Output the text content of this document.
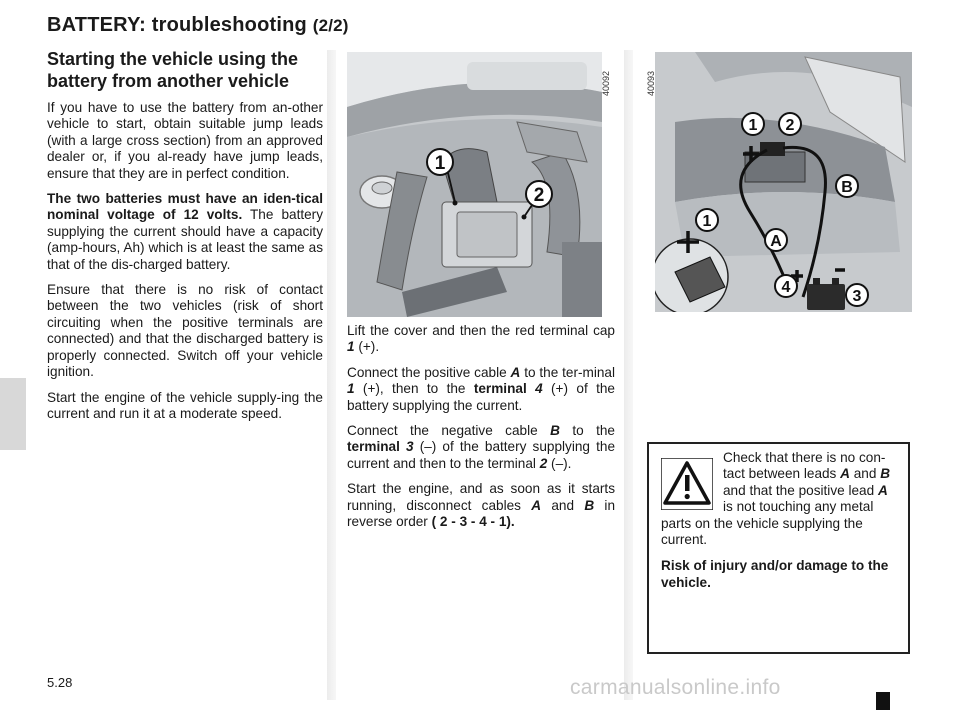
BATTERY: troubleshooting (2/2)
Starting the vehicle using the battery from another vehicle

If you have to use the battery from an-other vehicle to start, obtain suitable jump leads (with a large cross section) from an approved dealer or, if you al-ready have jump leads, ensure that they are in perfect condition.

The two batteries must have an iden-tical nominal voltage of 12 volts. The battery supplying the current should have a capacity (amp-hours, Ah) which is at least the same as that of the dis-charged battery.

Ensure that there is no risk of contact between the two vehicles (risk of short circuiting when the positive terminals are connected) and that the discharged battery is properly connected. Switch off your vehicle ignition.

Start the engine of the vehicle supply-ing the current and run it at a moderate speed.

1
2
40092
1 2
B
1
A
4
3
40093

Lift the cover and then the red terminal cap 1 (+).

Connect the positive cable A to the ter-minal 1 (+), then to the terminal 4 (+) of the battery supplying the current.

Connect the negative cable B to the terminal 3 (–) of the battery supplying the current and then to the terminal 2 (–).

Start the engine, and as soon as it starts running, disconnect cables A and B in reverse order ( 2 - 3 - 4 - 1).

Check that there is no con-tact between leads A and B and that the positive lead A is not touching any metal parts on the vehicle supplying the current.

Risk of injury and/or damage to the vehicle.

5.28	carmanualsonline.info
